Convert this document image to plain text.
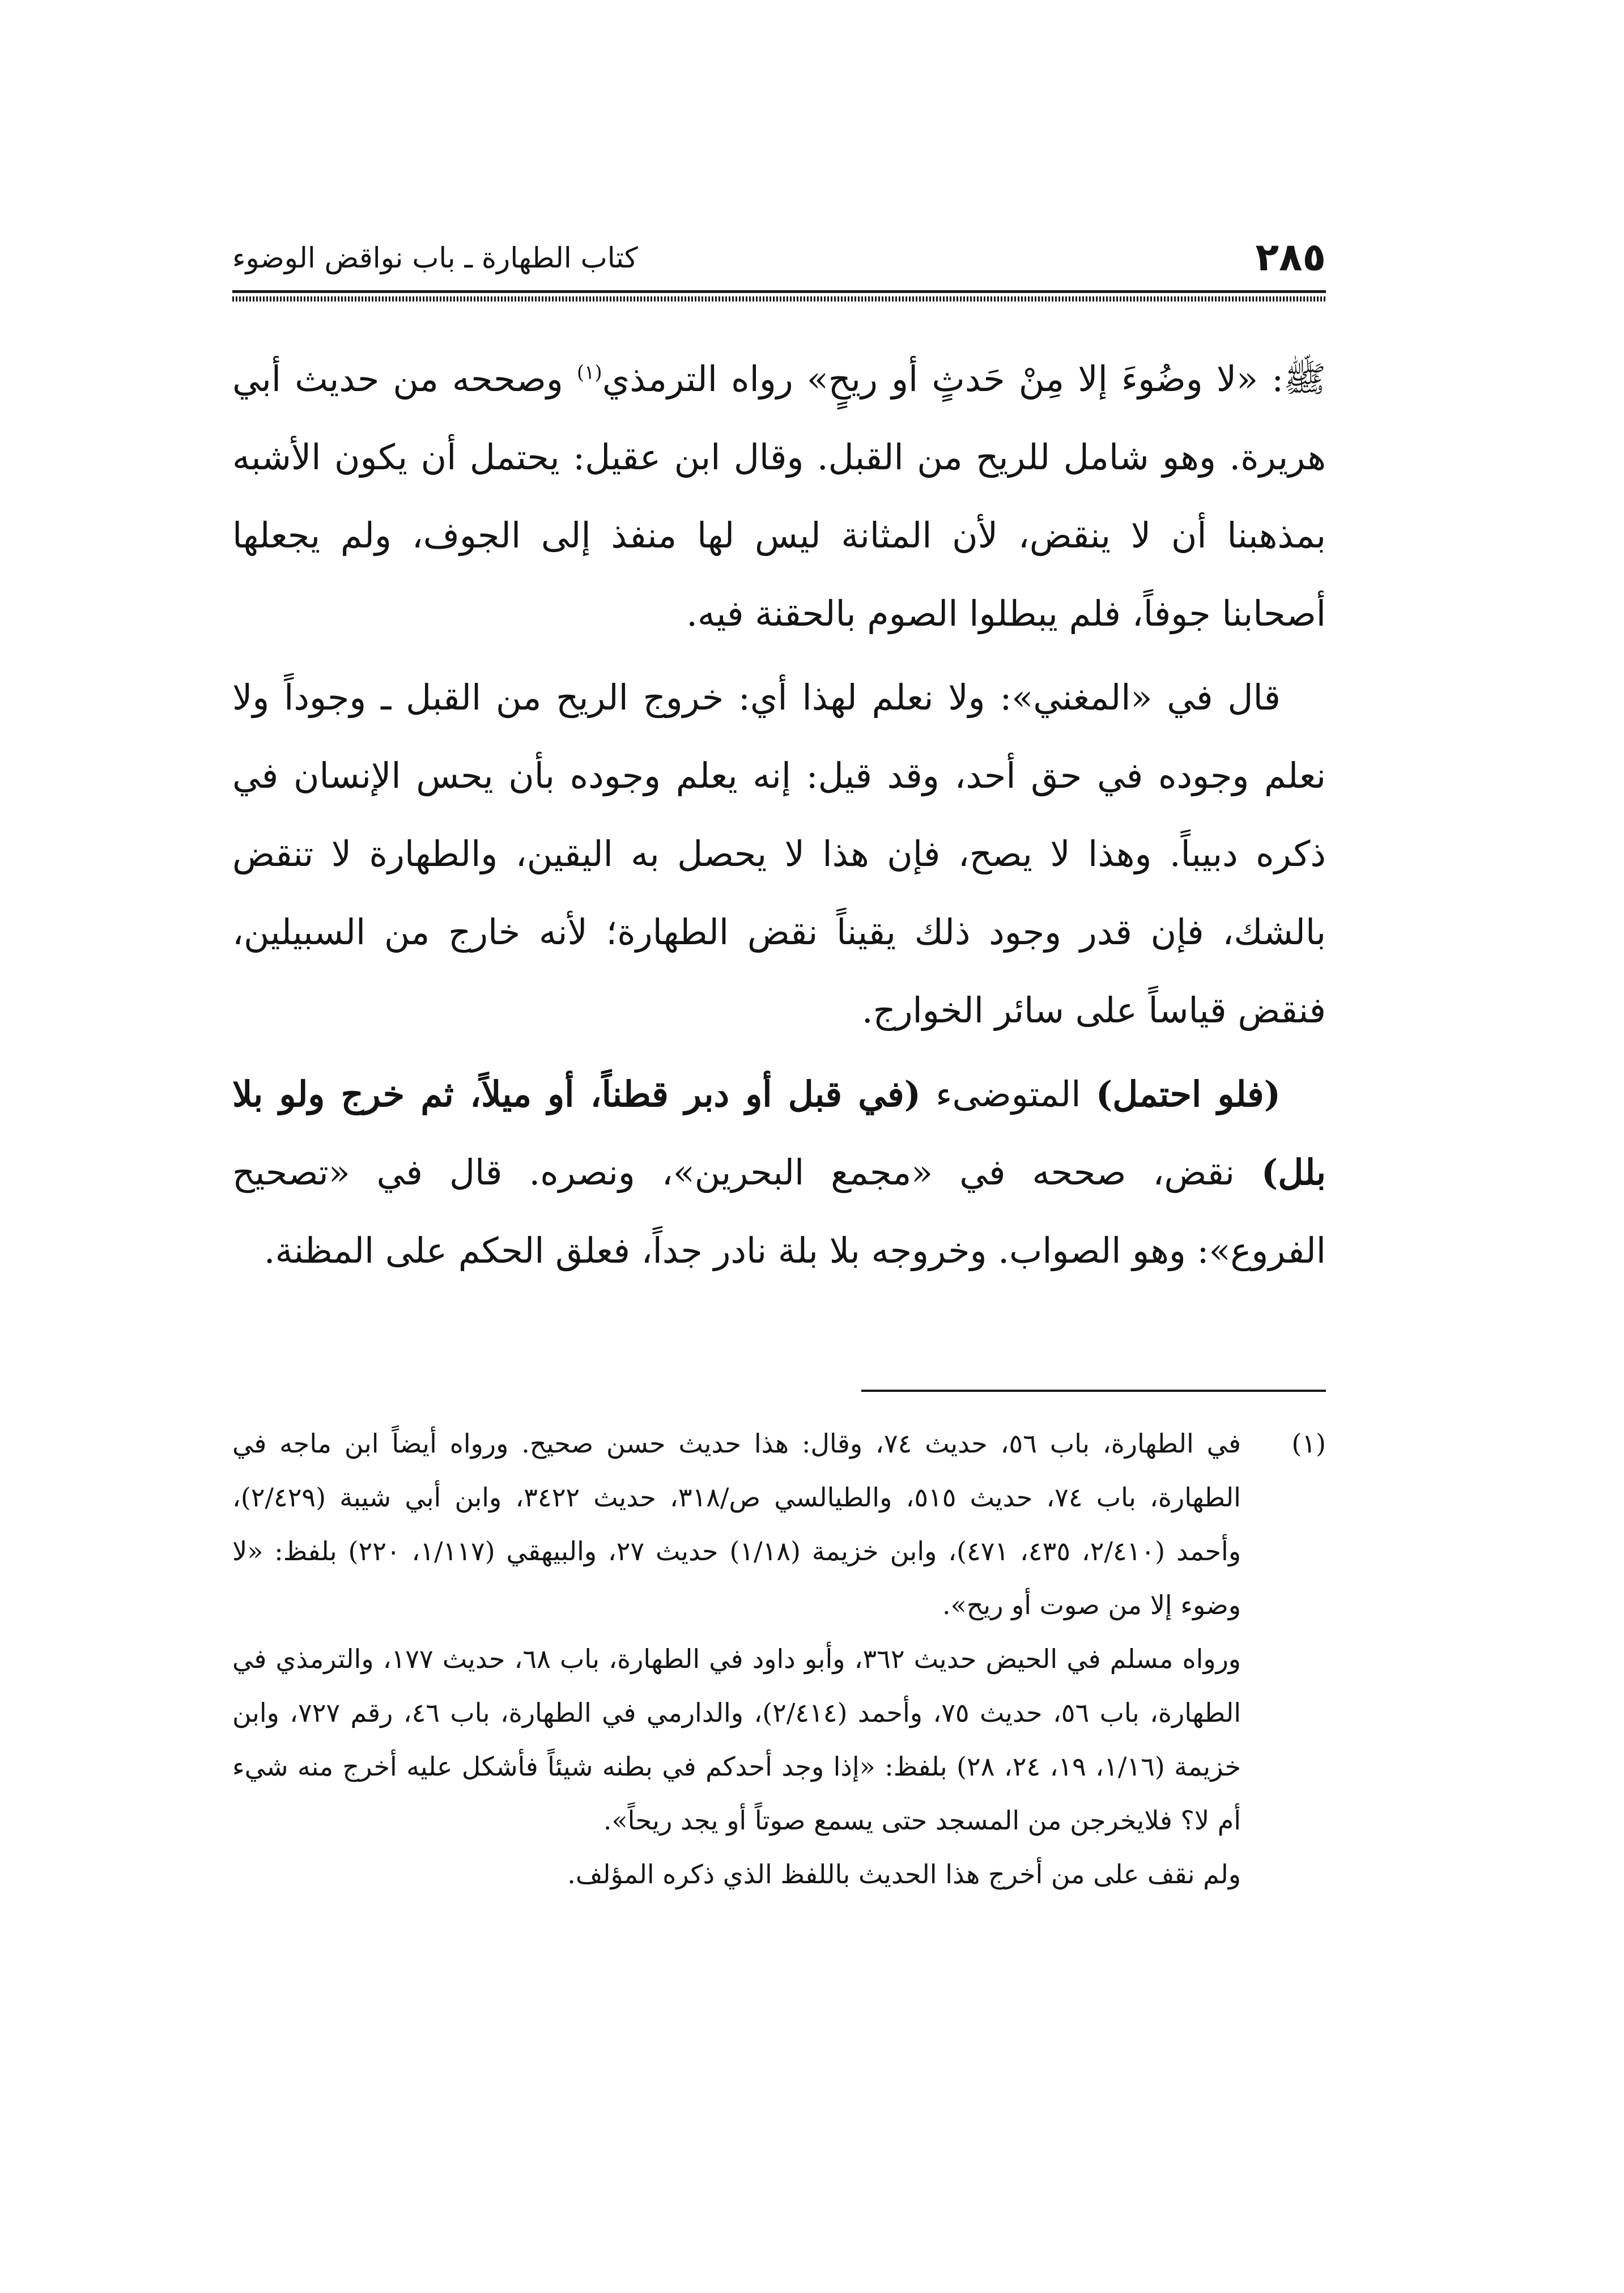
٢٨٥
كتاب الطهارة ـ باب نواقض الوضوء

ﷺ: «لا وضُوءَ إلا مِنْ حَدثٍ أو ريحٍ» رواه الترمذي$^{(١)}$ وصححه من حديث أبي هريرة. وهو شامل للريح من القبل. وقال ابن عقيل: يحتمل أن يكون الأشبه بمذهبنا أن لا ينقض، لأن المثانة ليس لها منفذ إلى الجوف، ولم يجعلها أصحابنا جوفاً، فلم يبطلوا الصوم بالحقنة فيه.

قال في «المغني»: ولا نعلم لهذا أي: خروج الريح من القبل ـ وجوداً ولا نعلم وجوده في حق أحد، وقد قيل: إنه يعلم وجوده بأن يحس الإنسان في ذكره دبيباً. وهذا لا يصح، فإن هذا لا يحصل به اليقين، والطهارة لا تنقض بالشك، فإن قدر وجود ذلك يقيناً نقض الطهارة؛ لأنه خارج من السبيلين، فنقض قياساً على سائر الخوارج.

(فلو احتمل) المتوضىء (في قبل أو دبر قطناً، أو ميلاً، ثم خرج ولو بلا بلل) نقض، صححه في «مجمع البحرين»، ونصره. قال في «تصحيح الفروع»: وهو الصواب. وخروجه بلا بلة نادر جداً، فعلق الحكم على المظنة.

(١)

في الطهارة، باب ٥٦، حديث ٧٤، وقال: هذا حديث حسن صحيح. ورواه أيضاً ابن ماجه في الطهارة، باب ٧٤، حديث ٥١٥، والطيالسي ص/٣١٨، حديث ٣٤٢٢، وابن أبي شيبة (٢/٤٢٩)، وأحمد (٢/٤١٠، ٤٣٥، ٤٧١)، وابن خزيمة (١/١٨) حديث ٢٧، والبيهقي (١/١١٧، ٢٢٠) بلفظ: «لا وضوء إلا من صوت أو ريح».

ورواه مسلم في الحيض حديث ٣٦٢، وأبو داود في الطهارة، باب ٦٨، حديث ١٧٧، والترمذي في الطهارة، باب ٥٦، حديث ٧٥، وأحمد (٢/٤١٤)، والدارمي في الطهارة، باب ٤٦، رقم ٧٢٧، وابن خزيمة (١/١٦، ١٩، ٢٤، ٢٨) بلفظ: «إذا وجد أحدكم في بطنه شيئاً فأشكل عليه أخرج منه شيء أم لا؟ فلايخرجن من المسجد حتى يسمع صوتاً أو يجد ريحاً».

ولم نقف على من أخرج هذا الحديث باللفظ الذي ذكره المؤلف.
